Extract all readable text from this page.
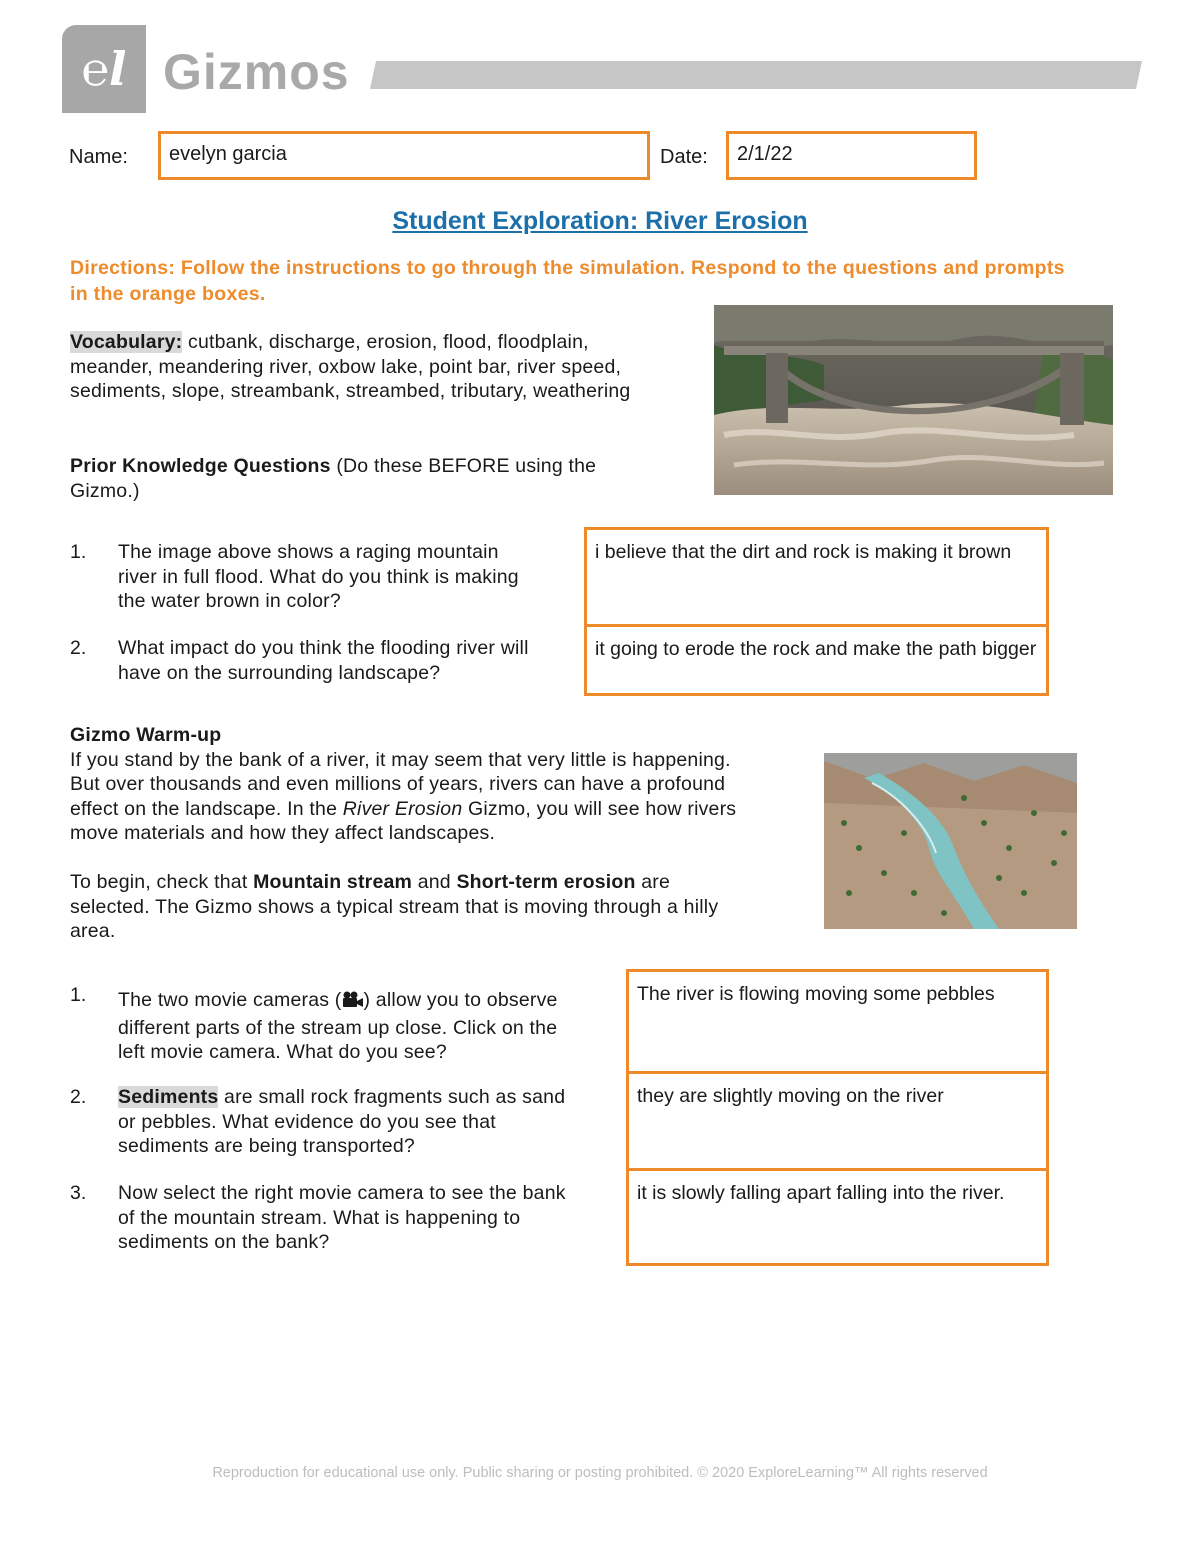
℮l Gizmos
Name:	evelyn garcia	Date:	2/1/22
Student Exploration: River Erosion
Directions: Follow the instructions to go through the simulation. Respond to the questions and prompts in the orange boxes.
Vocabulary: cutbank, discharge, erosion, flood, floodplain,
meander, meandering river, oxbow lake, point bar, river speed,
sediments, slope, streambank, streambed, tributary, weathering
Prior Knowledge Questions (Do these BEFORE using the
Gizmo.)
1. The image above shows a raging mountain
river in full flood. What do you think is making
the water brown in color?
i believe that the dirt and rock is making it brown
2. What impact do you think the flooding river will
have on the surrounding landscape?
it going to erode the rock and make the path bigger
Gizmo Warm-up
If you stand by the bank of a river, it may seem that very little is happening.
But over thousands and even millions of years, rivers can have a profound
effect on the landscape. In the River Erosion Gizmo, you will see how rivers
move materials and how they affect landscapes.
To begin, check that Mountain stream and Short-term erosion are
selected. The Gizmo shows a typical stream that is moving through a hilly
area.
1. The two movie cameras ( ) allow you to observe
different parts of the stream up close. Click on the
left movie camera. What do you see?
The river is flowing moving some pebbles
2. Sediments are small rock fragments such as sand
or pebbles. What evidence do you see that
sediments are being transported?
they are slightly moving on the river
3. Now select the right movie camera to see the bank
of the mountain stream. What is happening to
sediments on the bank?
it is slowly falling apart falling into the river.
Reproduction for educational use only. Public sharing or posting prohibited. © 2020 ExploreLearning™ All rights reserved
